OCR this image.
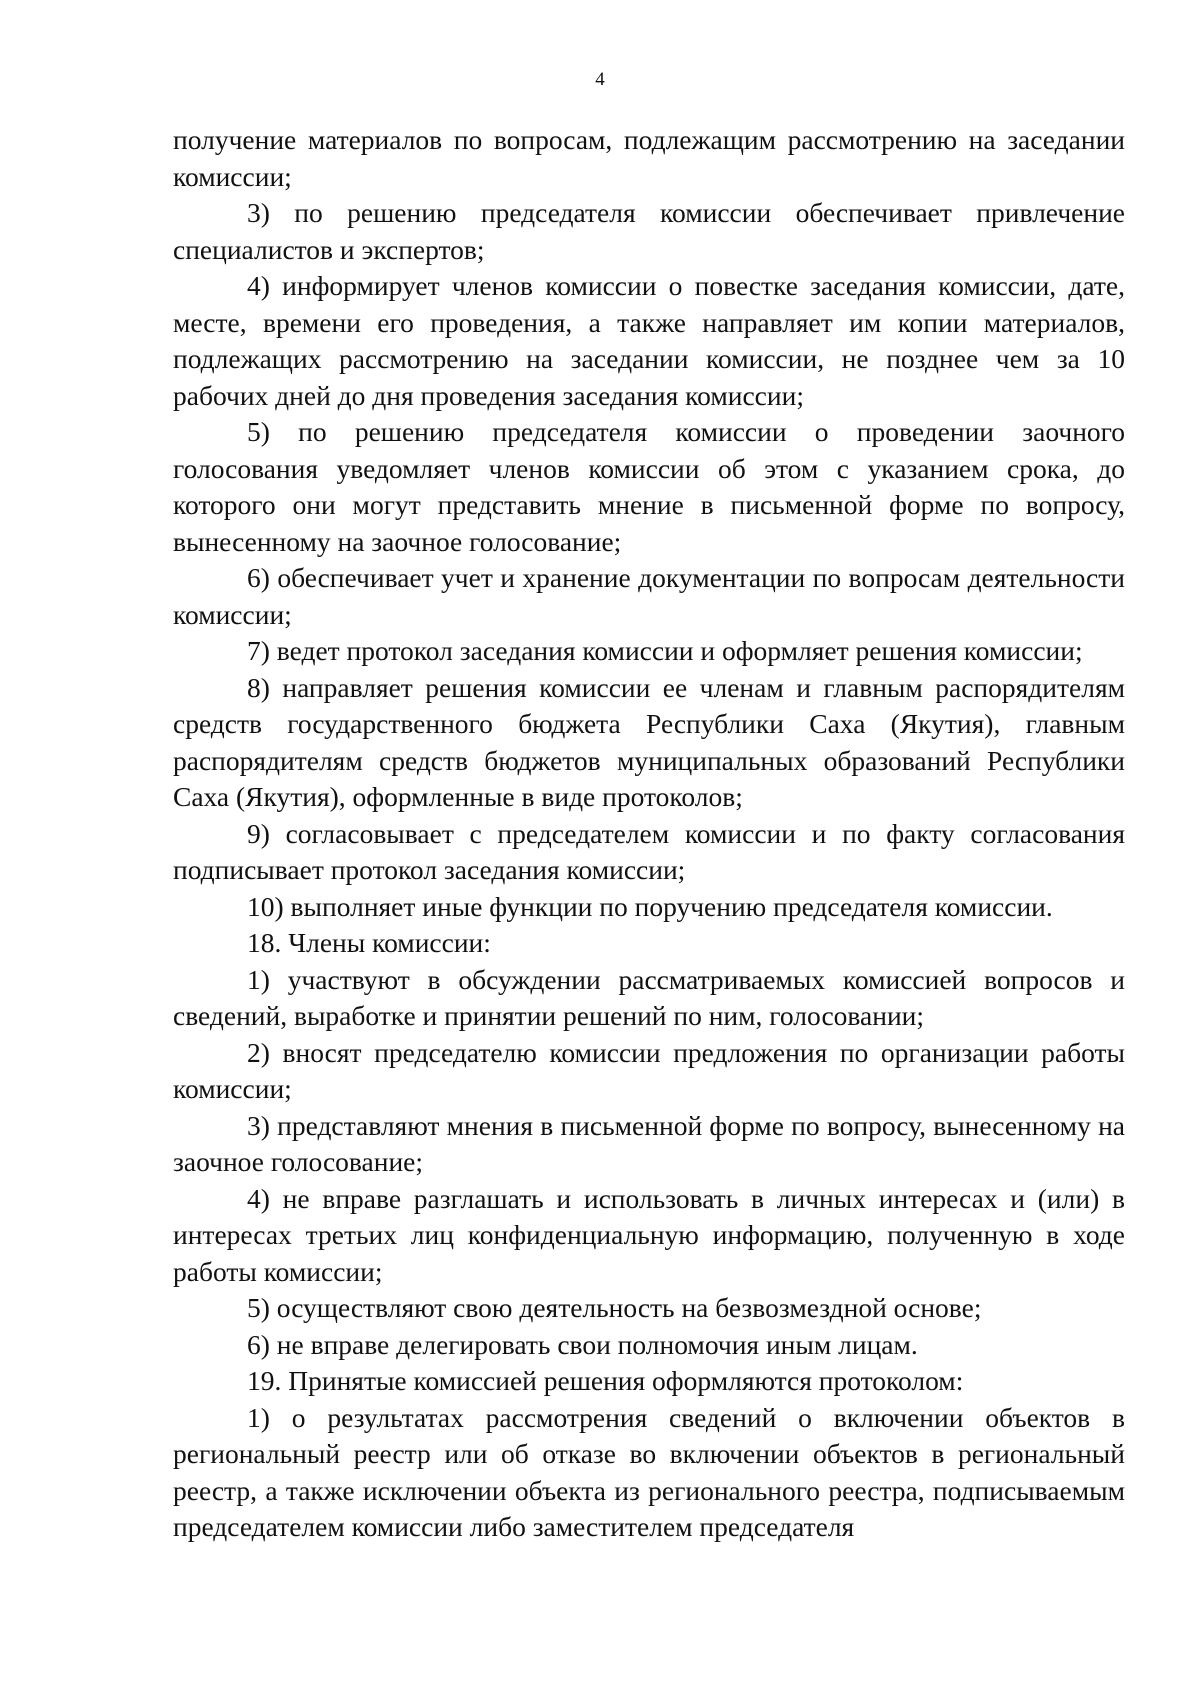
4

получение материалов по вопросам, подлежащим рассмотрению на заседании комиссии;

3) по решению председателя комиссии обеспечивает привлечение специалистов и экспертов;

4) информирует членов комиссии о повестке заседания комиссии, дате, месте, времени его проведения, а также направляет им копии материалов, подлежащих рассмотрению на заседании комиссии, не позднее чем за 10 рабочих дней до дня проведения заседания комиссии;

5) по решению председателя комиссии о проведении заочного голосования уведомляет членов комиссии об этом с указанием срока, до которого они могут представить мнение в письменной форме по вопросу, вынесенному на заочное голосование;

6) обеспечивает учет и хранение документации по вопросам деятельности комиссии;

7) ведет протокол заседания комиссии и оформляет решения комиссии;

8) направляет решения комиссии ее членам и главным распорядителям средств государственного бюджета Республики Саха (Якутия), главным распорядителям средств бюджетов муниципальных образований Республики Саха (Якутия), оформленные в виде протоколов;

9) согласовывает с председателем комиссии и по факту согласования подписывает протокол заседания комиссии;

10) выполняет иные функции по поручению председателя комиссии.

18. Члены комиссии:

1) участвуют в обсуждении рассматриваемых комиссией вопросов и сведений, выработке и принятии решений по ним, голосовании;

2) вносят председателю комиссии предложения по организации работы комиссии;

3) представляют мнения в письменной форме по вопросу, вынесенному на заочное голосование;

4) не вправе разглашать и использовать в личных интересах и (или) в интересах третьих лиц конфиденциальную информацию, полученную в ходе работы комиссии;

5) осуществляют свою деятельность на безвозмездной основе;

6) не вправе делегировать свои полномочия иным лицам.

19. Принятые комиссией решения оформляются протоколом:

1) о результатах рассмотрения сведений о включении объектов в региональный реестр или об отказе во включении объектов в региональный реестр, а также исключении объекта из регионального реестра, подписываемым председателем комиссии либо заместителем председателя
